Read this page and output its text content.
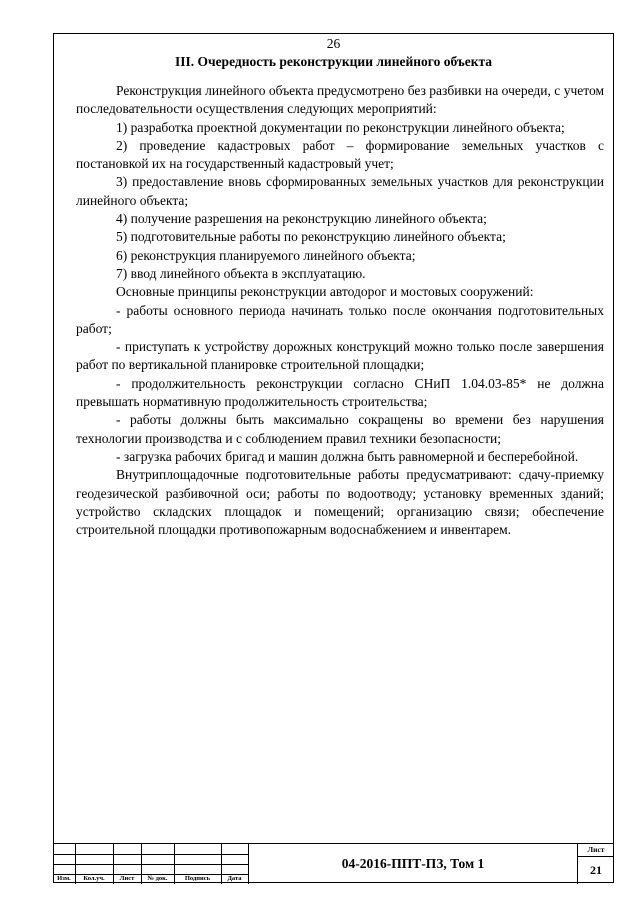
26
III. Очередность реконструкции линейного объекта

Реконструкция линейного объекта предусмотрено без разбивки на очереди, с учетом последовательности осуществления следующих мероприятий:

1) разработка проектной документации по реконструкции линейного объекта;

2) проведение кадастровых работ – формирование земельных участков с постановкой их на государственный кадастровый учет;

3) предоставление вновь сформированных земельных участков для реконструкции линейного объекта;

4) получение разрешения на реконструкцию линейного объекта;

5) подготовительные работы по реконструкцию линейного объекта;

6) реконструкция планируемого линейного объекта;

7) ввод линейного объекта в эксплуатацию.

Основные принципы реконструкции автодорог и мостовых сооружений:

- работы основного периода начинать только после окончания подготовительных работ;

- приступать к устройству дорожных конструкций можно только после завершения работ по вертикальной планировке строительной площадки;

- продолжительность реконструкции согласно СНиП 1.04.03-85* не должна превышать нормативную продолжительность строительства;

- работы должны быть максимально сокращены во времени без нарушения технологии производства и с соблюдением правил техники безопасности;

- загрузка рабочих бригад и машин должна быть равномерной и бесперебойной.

Внутриплощадочные подготовительные работы предусматривают: сдачу-приемку геодезической разбивочной оси; работы по водоотводу; установку временных зданий; устройство складских площадок и помещений; организацию связи; обеспечение строительной площадки противопожарным водоснабжением и инвентарем.

Изм.	Кол.уч.	Лист	№ док.	Подпись	Дата
04-2016-ППТ-ПЗ, Том 1
Лист
21
